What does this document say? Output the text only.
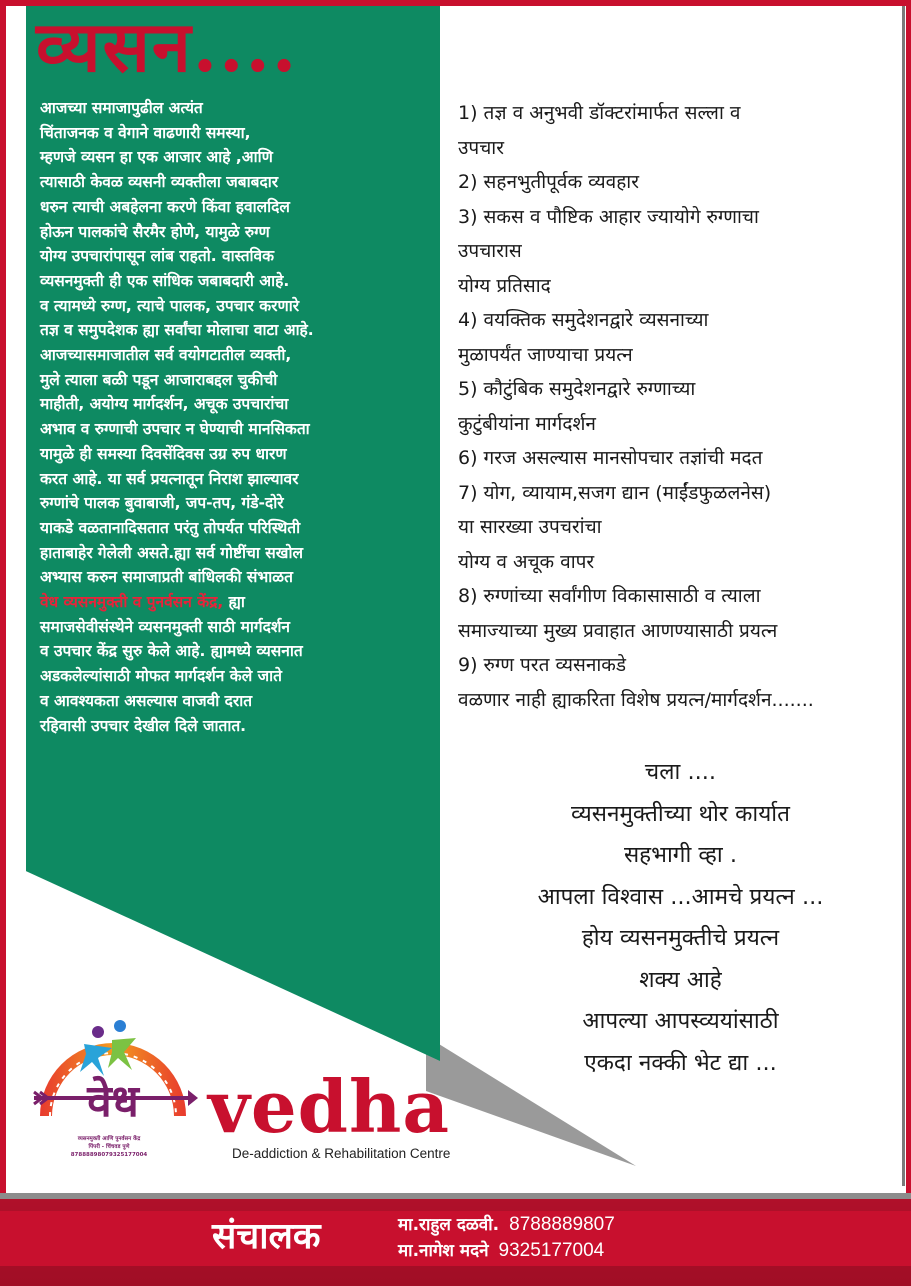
व्यसन....

आजच्या समाजापुढील अत्यंत

चिंताजनक व वेगाने वाढणारी समस्या,

म्हणजे व्यसन हा एक आजार आहे ,आणि

त्यासाठी केवळ व्यसनी व्यक्तीला जबाबदार

धरुन त्याची अबहेलना करणे किंवा हवालदिल

होऊन पालकांचे सैरमैर होणे, यामुळे रुग्ण

योग्य उपचारांपासून लांब राहतो. वास्तविक

व्यसनमुक्ती ही एक सांधिक जबाबदारी आहे.

व त्यामध्ये रुग्ण, त्याचे पालक, उपचार करणारे

तज्ञ व समुपदेशक ह्या सर्वांचा मोलाचा वाटा आहे.

आजच्यासमाजातील सर्व वयोगटातील व्यक्ती,

मुले त्याला बळी पडून आजाराबद्दल चुकीची

माहीती, अयोग्य मार्गदर्शन, अचूक उपचारांचा

अभाव व रुग्णाची उपचार न घेण्याची मानसिकता

यामुळे ही समस्या दिवसेंदिवस उग्र रुप धारण

करत आहे. या सर्व प्रयत्नातून निराश झाल्यावर

रुग्णांचे पालक बुवाबाजी, जप-तप, गंडे-दोरे

याकडे वळतानादिसतात परंतु तोपर्यत परिस्थिती

हाताबाहेर गेलेली असते.ह्या सर्व गोष्टींचा सखोल

अभ्यास करुन समाजाप्रती बांधिलकी संभाळत

वेध व्यसनमुक्ती व पुनर्वसन केंद्र, ह्या

समाजसेवीसंस्थेने व्यसनमुक्ती साठी मार्गदर्शन

व उपचार केंद्र सुरु केले आहे. ह्यामध्ये व्यसनात

अडकलेल्यांसाठी मोफत मार्गदर्शन केले जाते

व आवश्यकता असल्यास वाजवी दरात

रहिवासी उपचार देखील दिले जातात.

1) तज्ञ व अनुभवी डॉक्टरांमार्फत सल्ला व

उपचार

2) सहनभुतीपूर्वक व्यवहार

3) सकस व पौष्टिक आहार ज्यायोगे रुग्णाचा

उपचारास

योग्य प्रतिसाद

4) वयक्तिक समुदेशनद्वारे व्यसनाच्या

मुळापर्यंत जाण्याचा प्रयत्न

5) कौटुंबिक समुदेशनद्वारे रुग्णाच्या

कुटुंबीयांना मार्गदर्शन

6) गरज असल्यास मानसोपचार तज्ञांची मदत

7) योग, व्यायाम,सजग द्यान (माईंडफुळलनेस)

या सारख्या उपचरांचा

योग्य व अचूक वापर

8) रुग्णांच्या सर्वांगीण विकासासाठी व त्याला

समाज्याच्या मुख्य प्रवाहात आणण्यासाठी प्रयत्न

9) रुग्ण परत व्यसनाकडे

वळणार नाही ह्याकरिता विशेष प्रयत्न/मार्गदर्शन.......

चला ....

व्यसनमुक्तीच्या थोर कार्यात

सहभागी व्हा .

आपला विश्वास ...आमचे प्रयत्न ...

होय व्यसनमुक्तीचे प्रयत्न

शक्य आहे

आपल्या आपस्व्ययांसाठी

एकदा नक्की भेट द्या ...

वेध

व्यसनमुक्ती आणि पुनर्वसन केंद्र

पिंपरी - चिंचवड पुणे

87888898079325177004

vedha
De-addiction & Rehabilitation Centre
संचालक	मा.राहुल दळवी. 8788889807

मा.नागेश मदने 9325177004
